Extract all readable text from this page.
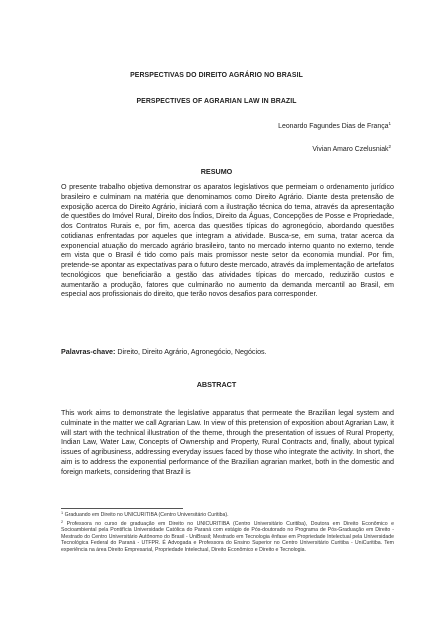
PERSPECTIVAS DO DIREITO AGRÁRIO NO BRASIL
PERSPECTIVES OF AGRARIAN LAW IN BRAZIL
Leonardo Fagundes Dias de França$^1$
Vivian Amaro Czelusniak$^2$
RESUMO
O presente trabalho objetiva demonstrar os aparatos legislativos que permeiam o ordenamento jurídico brasileiro e culminam na matéria que denominamos como Direito Agrário. Diante desta pretensão de exposição acerca do Direito Agrário, iniciará com a ilustração técnica do tema, através da apresentação de questões do Imóvel Rural, Direito dos Índios, Direito da Águas, Concepções de Posse e Propriedade, dos Contratos Rurais e, por fim, acerca das questões típicas do agronegócio, abordando questões cotidianas enfrentadas por aqueles que integram a atividade. Busca-se, em suma, tratar acerca da exponencial atuação do mercado agrário brasileiro, tanto no mercado interno quanto no externo, tende em vista que o Brasil é tido como país mais promissor neste setor da economia mundial. Por fim, pretende-se apontar as expectativas para o futuro deste mercado, através da implementação de artefatos tecnológicos que beneficiarão a gestão das atividades típicas do mercado, reduzirão custos e aumentarão a produção, fatores que culminarão no aumento da demanda mercantil ao Brasil, em especial aos profissionais do direito, que terão novos desafios para corresponder.
Palavras-chave: Direito, Direito Agrário, Agronegócio, Negócios.
ABSTRACT
This work aims to demonstrate the legislative apparatus that permeate the Brazilian legal system and culminate in the matter we call Agrarian Law. In view of this pretension of exposition about Agrarian Law, it will start with the technical illustration of the theme, through the presentation of issues of Rural Property, Indian Law, Water Law, Concepts of Ownership and Property, Rural Contracts and, finally, about typical issues of agribusiness, addressing everyday issues faced by those who integrate the activity. In short, the aim is to address the exponential performance of the Brazilian agrarian market, both in the domestic and foreign markets, considering that Brazil is

$^1$ Graduando em Direito no UNICURITIBA (Centro Universitário Curitiba).

$^2$ Professora no curso de graduação em Direito no UNICURITIBA (Centro Universitário Curitiba), Doutora em Direito Econômico e Socioambiental pela Pontifícia Universidade Católica do Paraná com estágio de Pós-doutorado no Programa de Pós-Graduação em Direito - Mestrado do Centro Universitário Autônomo do Brasil - UniBrasil; Mestrado em Tecnologia ênfase em Propriedade Intelectual pela Universidade Tecnológica Federal do Paraná - UTFPR. É Advogada e Professora do Ensino Superior no Centro Universitário Curitiba - UniCuritiba. Tem experiência na área Direito Empresarial, Propriedade Intelectual, Direito Econômico e Direito e Tecnologia.
